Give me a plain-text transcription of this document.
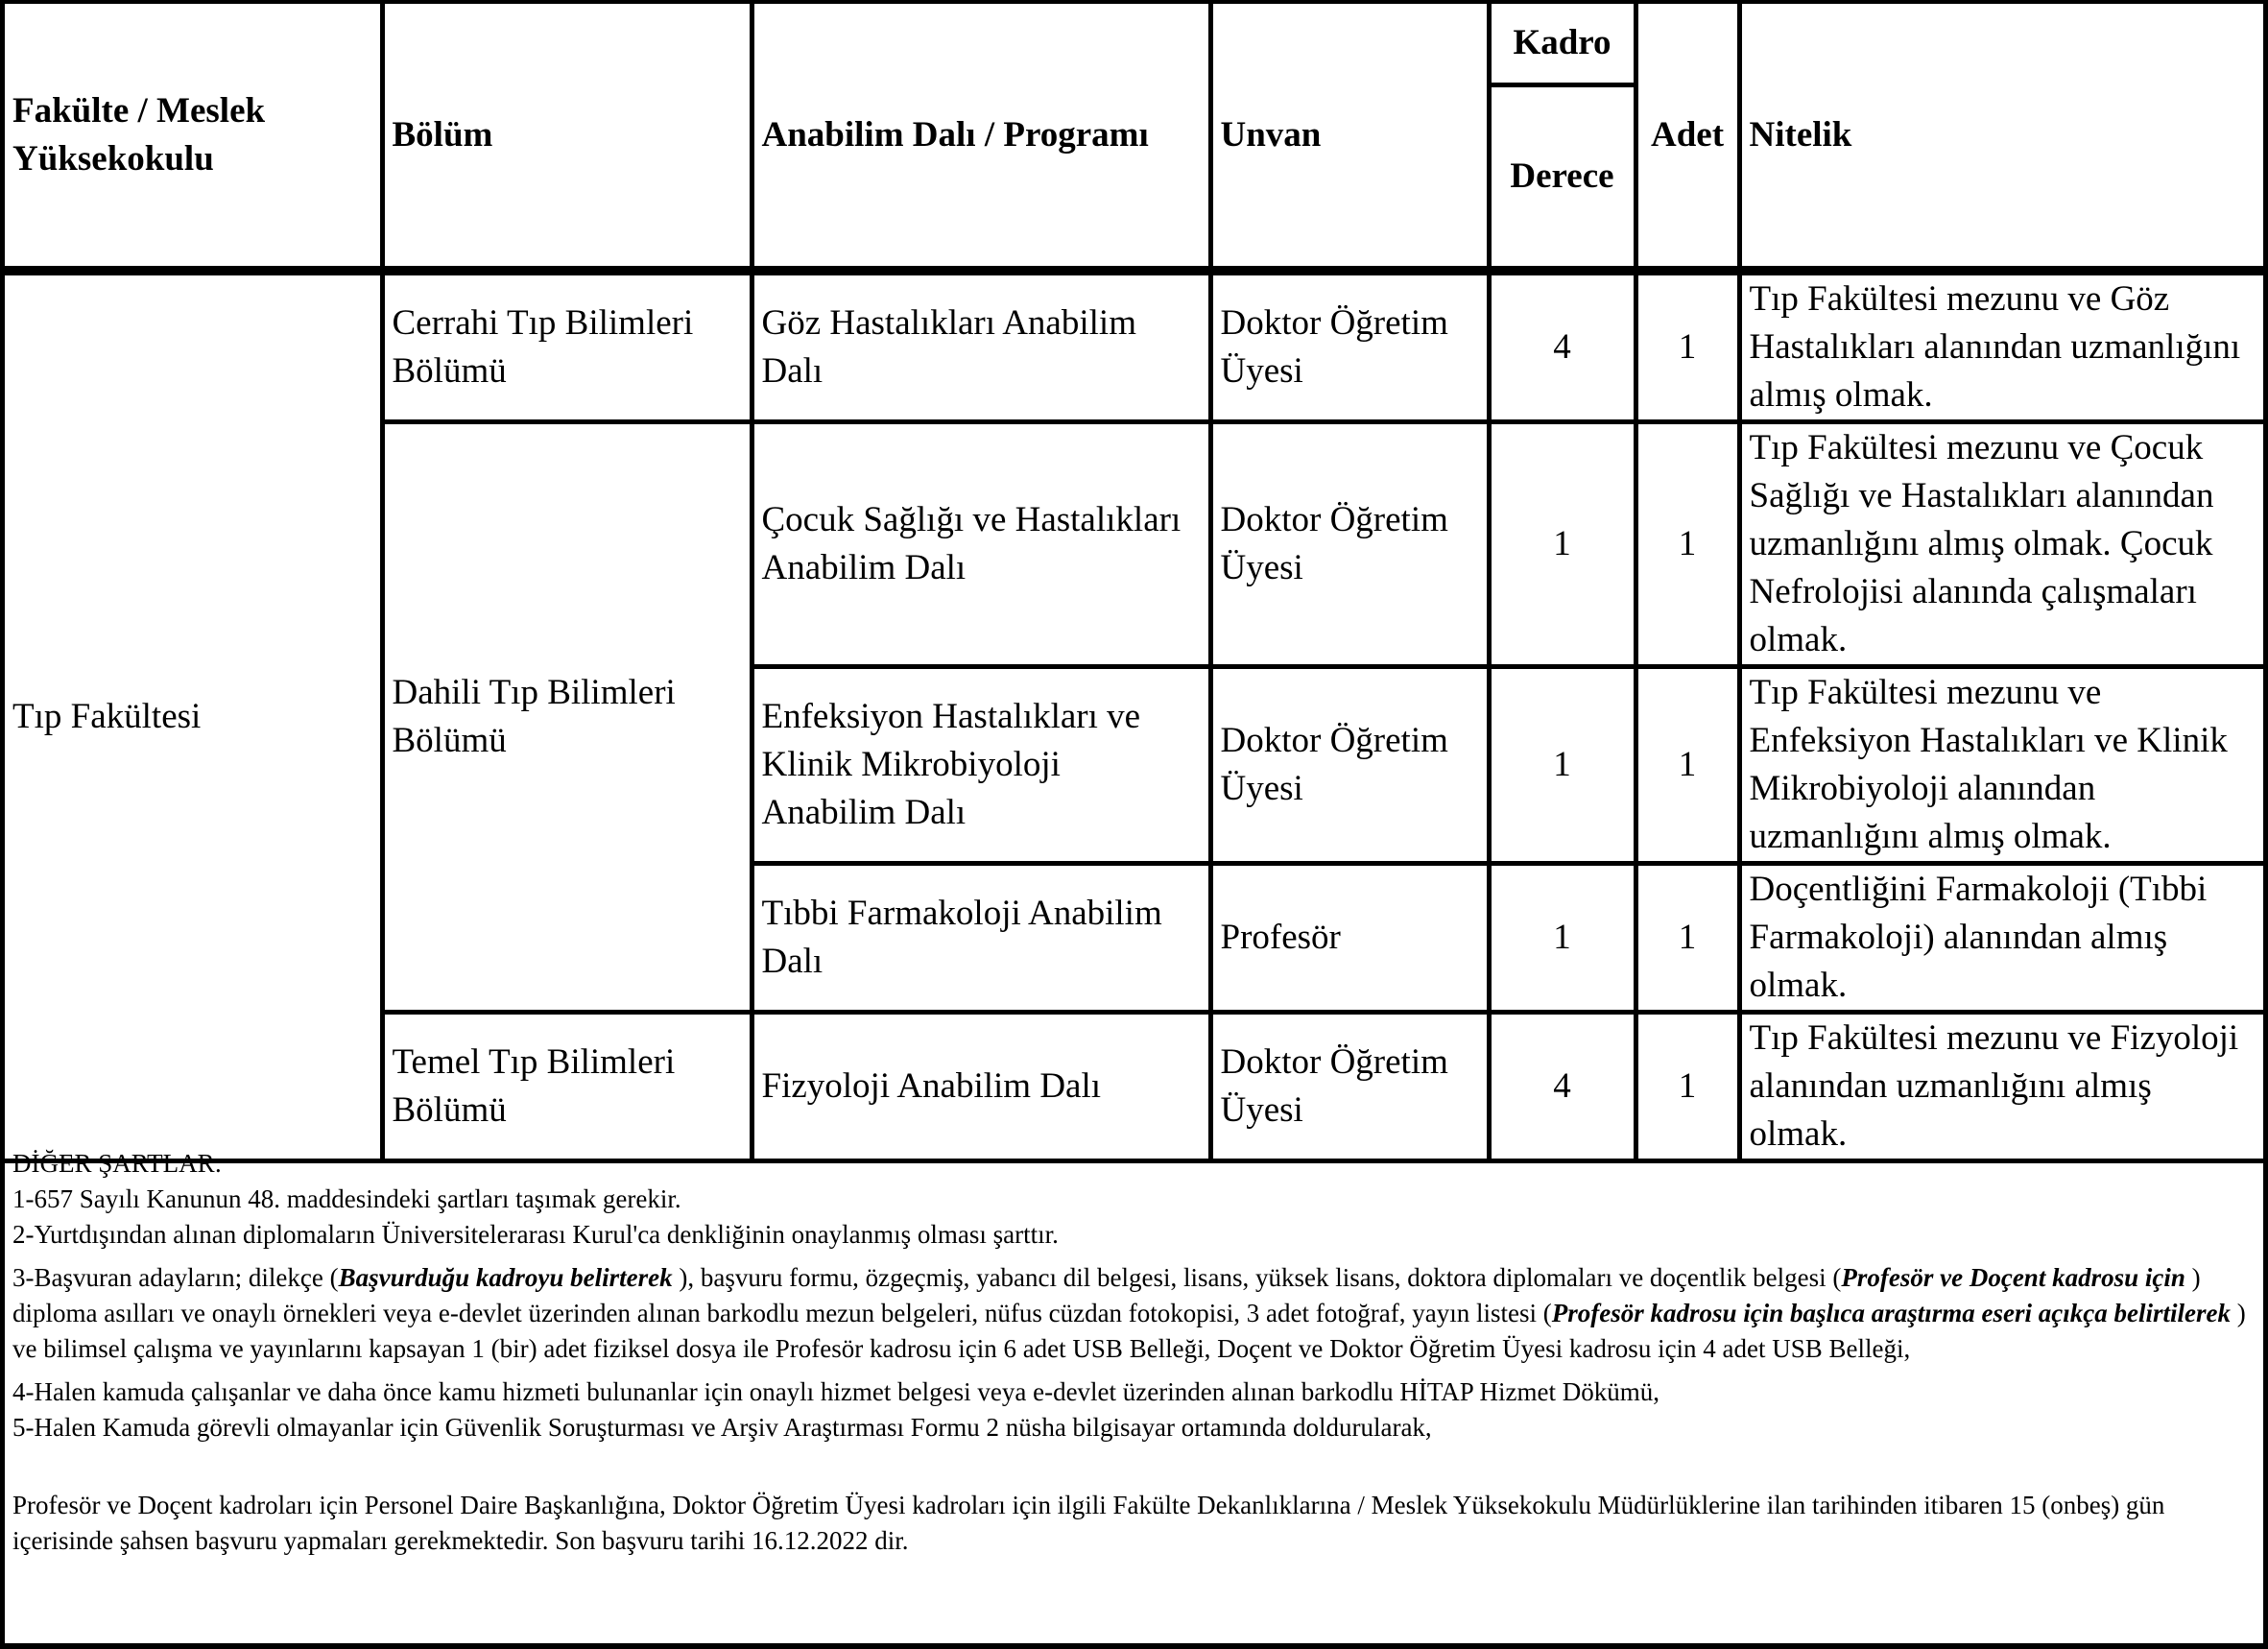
Fakülte / Meslek Yüksekokulu	Bölüm	Anabilim Dalı / Programı	Unvan	Kadro	Adet	Nitelik
				Derece		
Tıp Fakültesi	Cerrahi Tıp Bilimleri Bölümü	Göz Hastalıkları Anabilim Dalı	Doktor Öğretim Üyesi	4	1	Tıp Fakültesi mezunu ve Göz Hastalıkları alanından uzmanlığını almış olmak.
	Dahili Tıp Bilimleri Bölümü	Çocuk Sağlığı ve Hastalıkları Anabilim Dalı	Doktor Öğretim Üyesi	1	1	Tıp Fakültesi mezunu ve Çocuk Sağlığı ve Hastalıkları alanından uzmanlığını almış olmak. Çocuk Nefrolojisi alanında çalışmaları olmak.
		Enfeksiyon Hastalıkları ve Klinik Mikrobiyoloji Anabilim Dalı	Doktor Öğretim Üyesi	1	1	Tıp Fakültesi mezunu ve Enfeksiyon Hastalıkları ve Klinik Mikrobiyoloji alanından uzmanlığını almış olmak.
		Tıbbi Farmakoloji Anabilim Dalı	Profesör	1	1	Doçentliğini Farmakoloji (Tıbbi Farmakoloji) alanından almış olmak.
	Temel Tıp Bilimleri Bölümü	Fizyoloji Anabilim Dalı	Doktor Öğretim Üyesi	4	1	Tıp Fakültesi mezunu ve Fizyoloji alanından uzmanlığını almış olmak.

DİĞER ŞARTLAR:

1-657 Sayılı Kanunun 48. maddesindeki şartları taşımak gerekir.

2-Yurtdışından alınan diplomaların Üniversitelerarası Kurul'ca denkliğinin onaylanmış olması şarttır.

3-Başvuran adayların; dilekçe (Başvurduğu kadroyu belirterek ), başvuru formu, özgeçmiş, yabancı dil belgesi, lisans, yüksek lisans, doktora diplomaları ve doçentlik belgesi (Profesör ve Doçent kadrosu için ) diploma asılları ve onaylı örnekleri veya e-devlet üzerinden alınan barkodlu mezun belgeleri, nüfus cüzdan fotokopisi, 3 adet fotoğraf, yayın listesi (Profesör kadrosu için başlıca araştırma eseri açıkça belirtilerek ) ve bilimsel çalışma ve yayınlarını kapsayan 1 (bir) adet fiziksel dosya ile Profesör kadrosu için 6 adet USB Belleği, Doçent ve Doktor Öğretim Üyesi kadrosu için 4 adet USB Belleği,

4-Halen kamuda çalışanlar ve daha önce kamu hizmeti bulunanlar için onaylı hizmet belgesi veya e-devlet üzerinden alınan barkodlu HİTAP Hizmet Dökümü,

5-Halen Kamuda görevli olmayanlar için Güvenlik Soruşturması ve Arşiv Araştırması Formu 2 nüsha bilgisayar ortamında doldurularak,

Profesör ve Doçent kadroları için Personel Daire Başkanlığına, Doktor Öğretim Üyesi kadroları için ilgili Fakülte Dekanlıklarına / Meslek Yüksekokulu Müdürlüklerine ilan tarihinden itibaren 15 (onbeş) gün içerisinde şahsen başvuru yapmaları gerekmektedir. Son başvuru tarihi 16.12.2022 dir.
